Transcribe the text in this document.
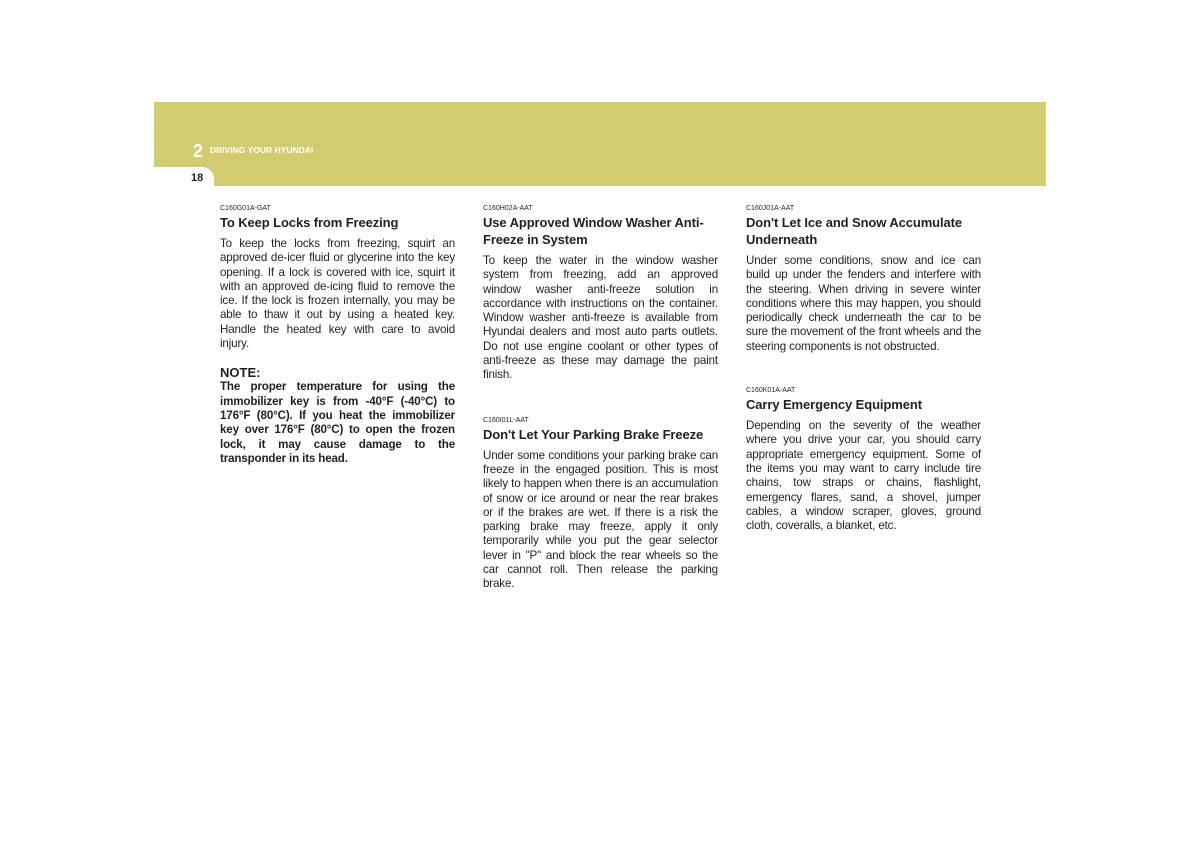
2 DRIVING YOUR HYUNDAI
18

C160G01A-GAT

To Keep Locks from Freezing

To keep the locks from freezing, squirt an approved de-icer fluid or glycerine into the key opening. If a lock is covered with ice, squirt it with an approved de-icing fluid to remove the ice. If the lock is frozen internally, you may be able to thaw it out by using a heated key. Handle the heated key with care to avoid injury.

NOTE:

The proper temperature for using the immobilizer key is from -40°F (-40°C) to 176°F (80°C). If you heat the immobilizer key over 176°F (80°C) to open the frozen lock, it may cause damage to the transponder in its head.

C160H02A-AAT

Use Approved Window Washer Anti-Freeze in System

To keep the water in the window washer system from freezing, add an approved window washer anti-freeze solution in accordance with instructions on the container. Window washer anti-freeze is available from Hyundai dealers and most auto parts outlets. Do not use engine coolant or other types of anti-freeze as these may damage the paint finish.

C160I01L-AAT

Don't Let Your Parking Brake Freeze

Under some conditions your parking brake can freeze in the engaged position. This is most likely to happen when there is an accumulation of snow or ice around or near the rear brakes or if the brakes are wet. If there is a risk the parking brake may freeze, apply it only temporarily while you put the gear selector lever in "P" and block the rear wheels so the car cannot roll. Then release the parking brake.

C160J01A-AAT

Don't Let Ice and Snow Accumulate Underneath

Under some conditions, snow and ice can build up under the fenders and interfere with the steering. When driving in severe winter conditions where this may happen, you should periodically check underneath the car to be sure the movement of the front wheels and the steering components is not obstructed.

C160K01A-AAT

Carry Emergency Equipment

Depending on the severity of the weather where you drive your car, you should carry appropriate emergency equipment. Some of the items you may want to carry include tire chains, tow straps or chains, flashlight, emergency flares, sand, a shovel, jumper cables, a window scraper, gloves, ground cloth, coveralls, a blanket, etc.
